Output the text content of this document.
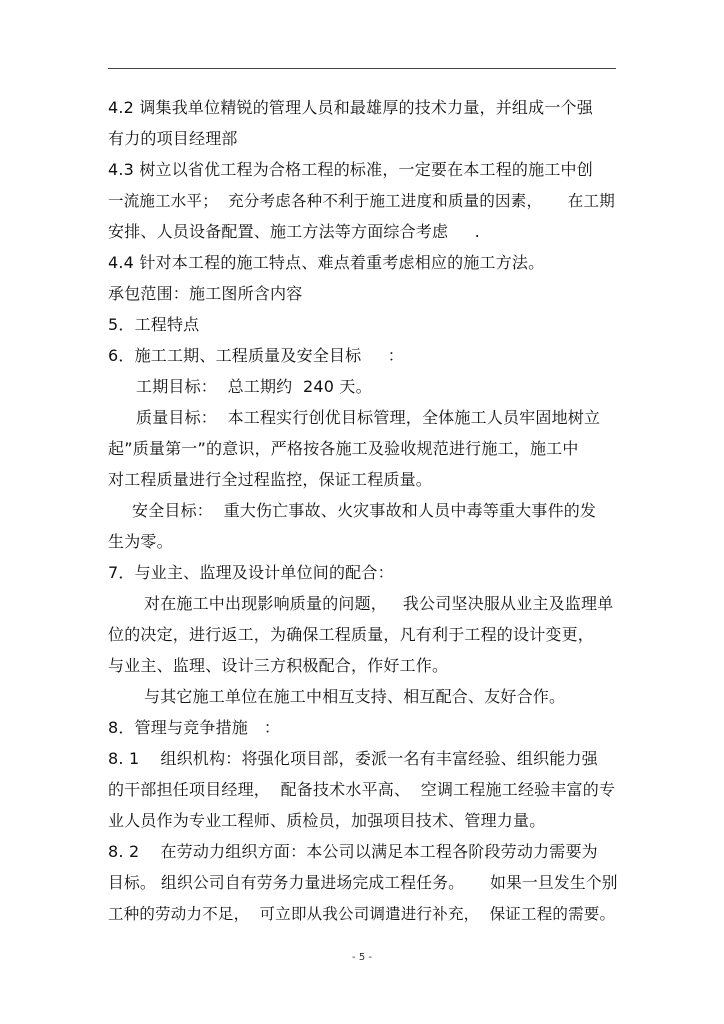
4.2 调集我单位精锐的管理人员和最雄厚的技术力量，并组成一个强
有力的项目经理部
4.3 树立以省优工程为合格工程的标准，一定要在本工程的施工中创
一流施工水平；  充分考虑各种不利于施工进度和质量的因素，     在工期
安排、人员设备配置、施工方法等方面综合考虑     .
4.4 针对本工程的施工特点、难点着重考虑相应的施工方法。
承包范围：施工图所含内容
5．工程特点
6．施工工期、工程质量及安全目标     ：
工期目标：  总工期约  240 天。
质量目标：  本工程实行创优目标管理，全体施工人员牢固地树立
起”质量第一”的意识，严格按各施工及验收规范进行施工，施工中
对工程质量进行全过程监控，保证工程质量。
安全目标：  重大伤亡事故、火灾事故和人员中毒等重大事件的发
生为零。
7．与业主、监理及设计单位间的配合：
对在施工中出现影响质量的问题，   我公司坚决服从业主及监理单
位的决定，进行返工，为确保工程质量，凡有利于工程的设计变更，
与业主、监理、设计三方积极配合，作好工作。
与其它施工单位在施工中相互支持、相互配合、友好合作。
8．管理与竞争措施   ：
8. 1    组织机构：将强化项目部，委派一名有丰富经验、组织能力强
的干部担任项目经理，  配备技术水平高、  空调工程施工经验丰富的专
业人员作为专业工程师、质检员，加强项目技术、管理力量。
8. 2    在劳动力组织方面：本公司以满足本工程各阶段劳动力需要为
目标。 组织公司自有劳务力量进场完成工程任务。     如果一旦发生个别
工种的劳动力不足，  可立即从我公司调遣进行补充，  保证工程的需要。
- 5 -
